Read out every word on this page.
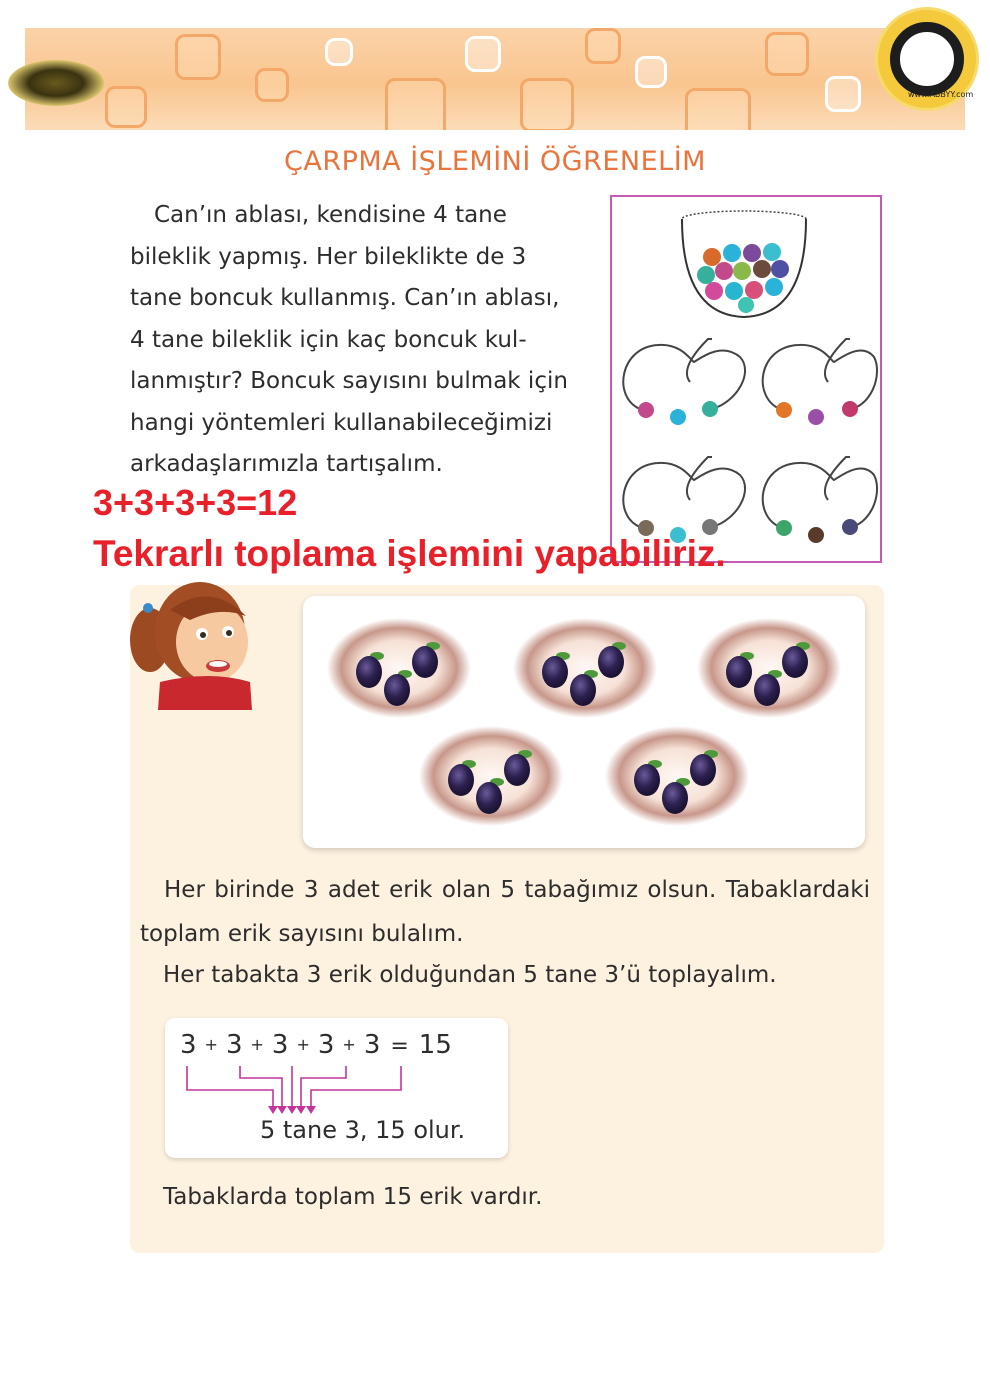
www.ABBYY.com
ÇARPMA İŞLEMİNİ ÖĞRENELİM
Can’ın ablası, kendisine 4 tane
bileklik yapmış. Her bileklikte de 3
tane boncuk kullanmış. Can’ın ablası,
4 tane bileklik için kaç boncuk kul-
lanmıştır? Boncuk sayısını bulmak için
hangi yöntemleri kullanabileceğimizi
arkadaşlarımızla tartışalım.
3+3+3+3=12
Tekrarlı toplama işlemini yapabiliriz.
Her birinde 3 adet erik olan 5 tabağımız olsun. Tabaklardaki toplam erik sayısını bulalım.
Her tabakta 3 erik olduğundan 5 tane 3’ü toplayalım.
3 + 3 + 3 + 3 + 3 = 15
5 tane 3, 15 olur.
Tabaklarda toplam 15 erik vardır.
